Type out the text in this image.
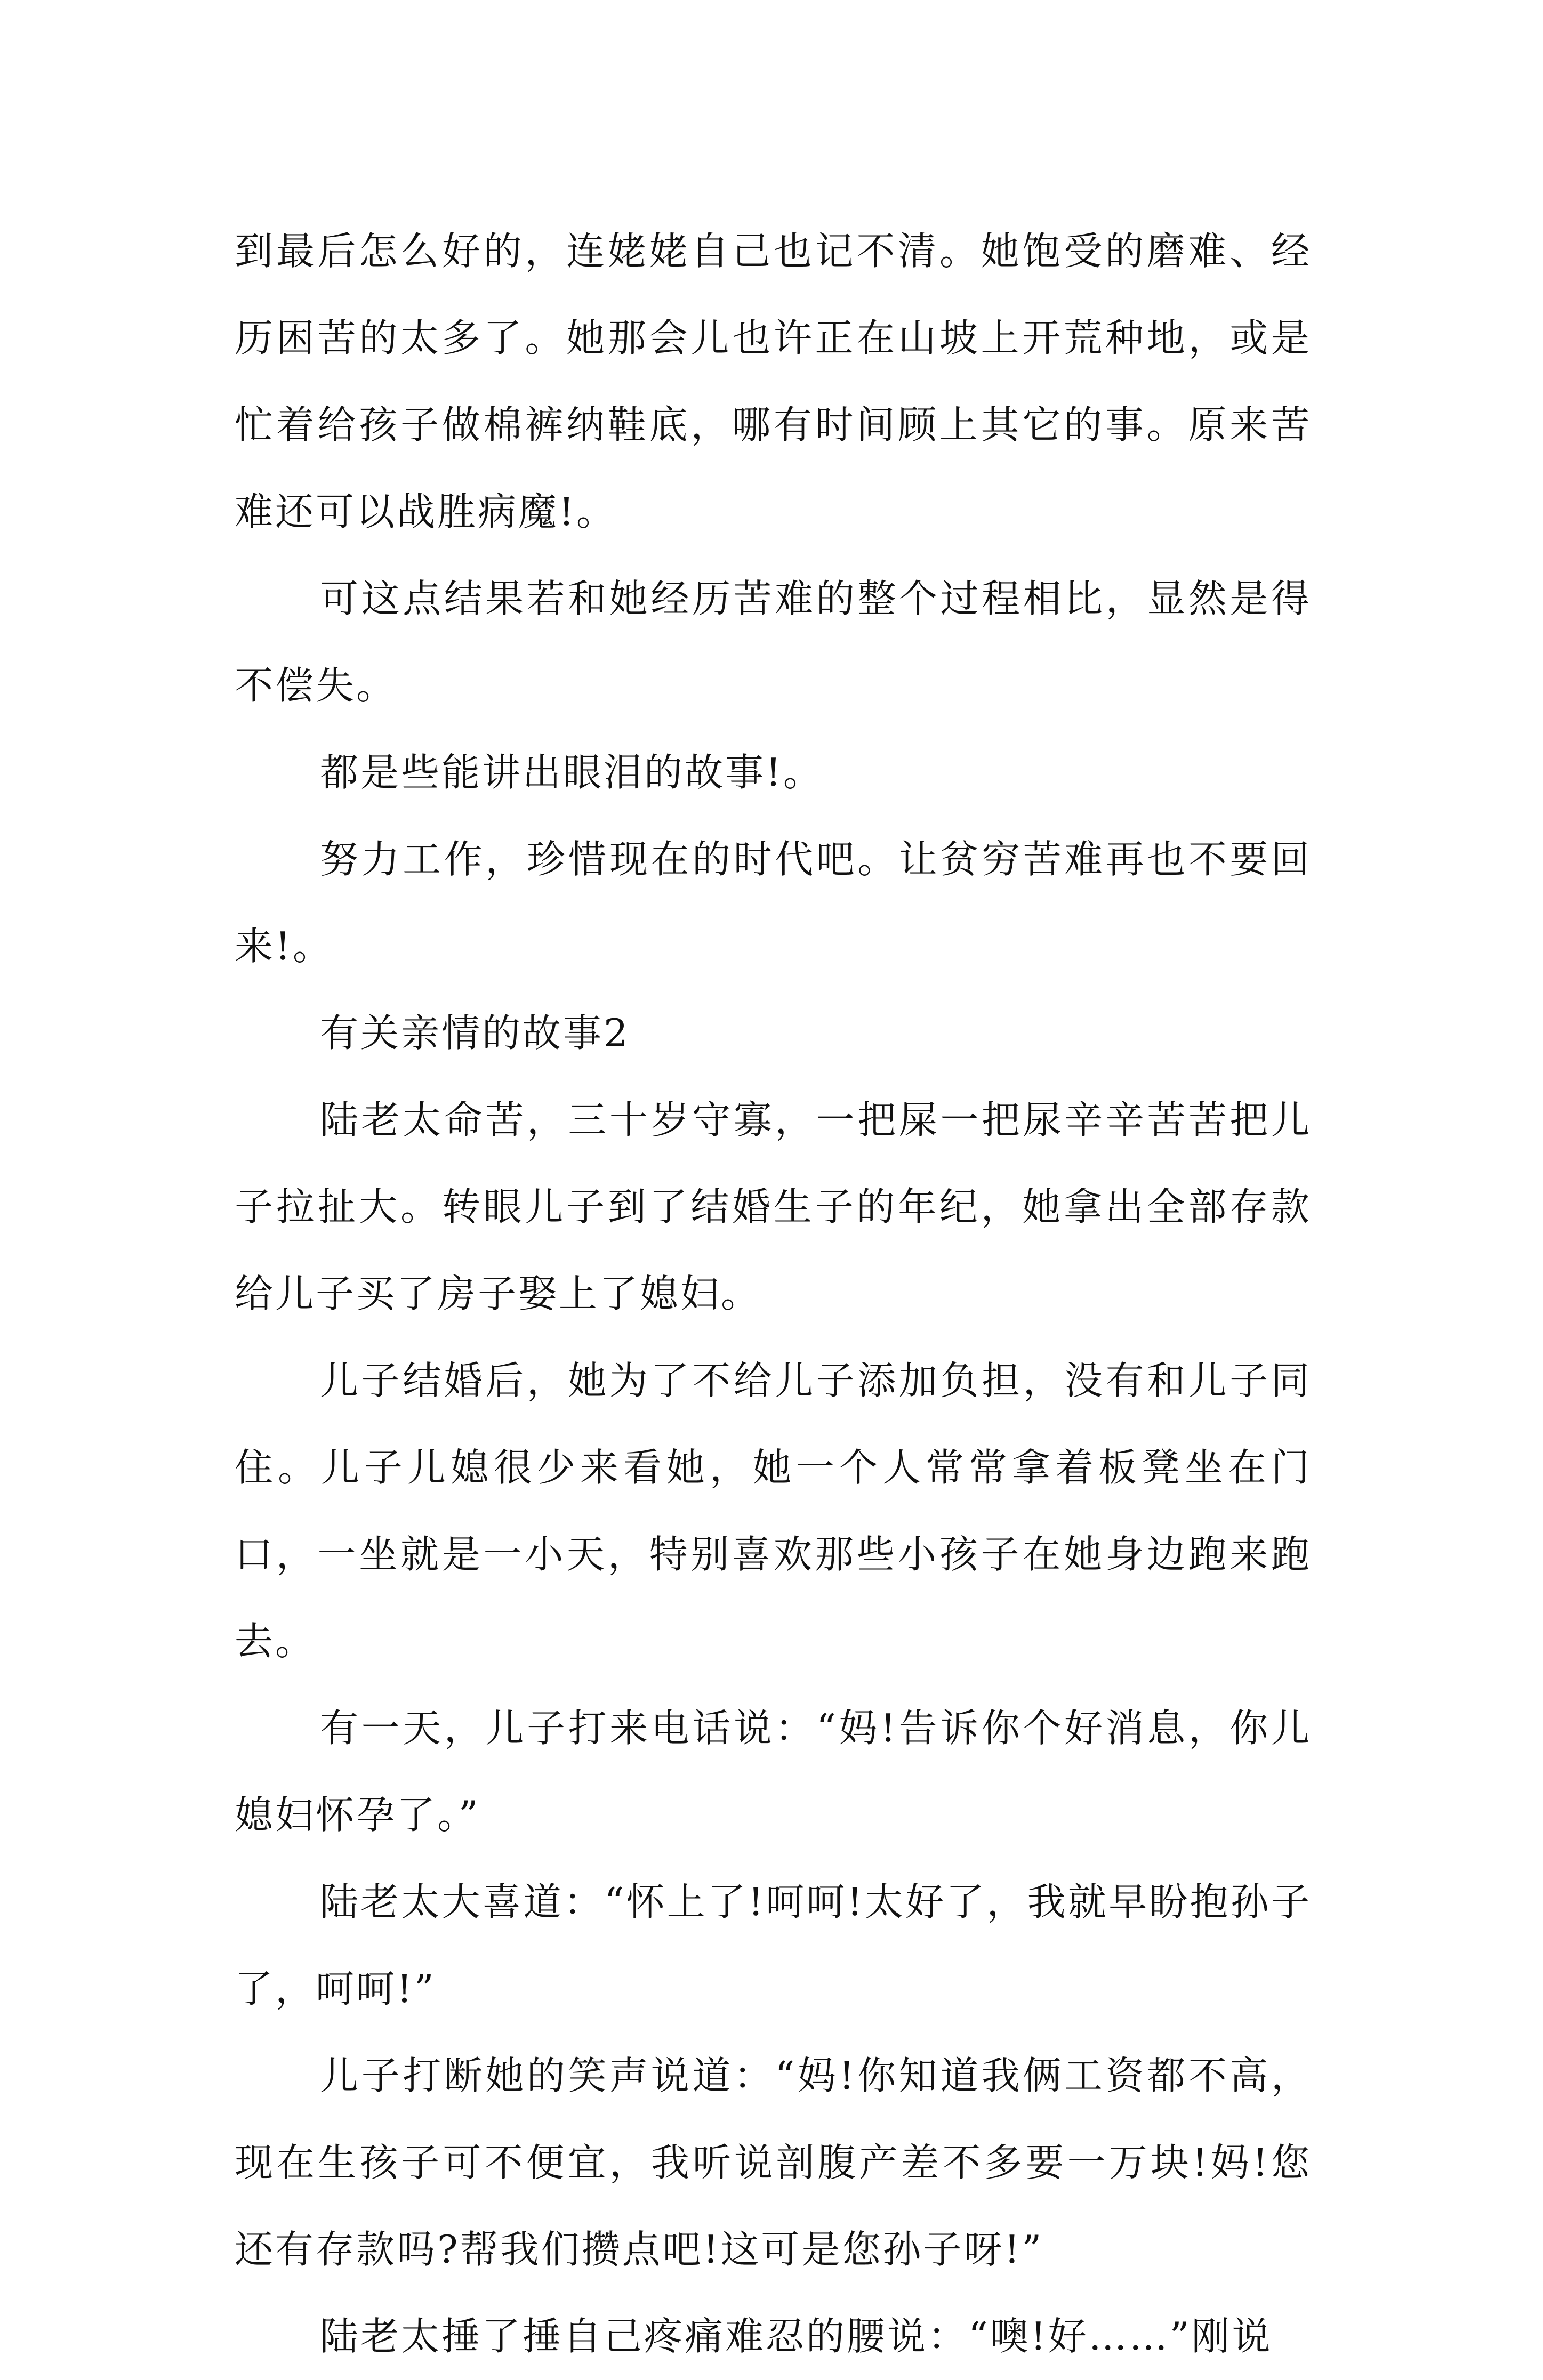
到最后怎么好的，连姥姥自己也记不清。她饱受的磨难、经历困苦的太多了。她那会儿也许正在山坡上开荒种地，或是忙着给孩子做棉裤纳鞋底，哪有时间顾上其它的事。原来苦难还可以战胜病魔!。

可这点结果若和她经历苦难的整个过程相比，显然是得不偿失。

都是些能讲出眼泪的故事!。

努力工作，珍惜现在的时代吧。让贫穷苦难再也不要回来!。

有关亲情的故事2

陆老太命苦，三十岁守寡，一把屎一把尿辛辛苦苦把儿子拉扯大。转眼儿子到了结婚生子的年纪，她拿出全部存款给儿子买了房子娶上了媳妇。

儿子结婚后，她为了不给儿子添加负担，没有和儿子同住。儿子儿媳很少来看她，她一个人常常拿着板凳坐在门口，一坐就是一小天，特别喜欢那些小孩子在她身边跑来跑去。

有一天，儿子打来电话说：“妈!告诉你个好消息，你儿媳妇怀孕了。”

陆老太大喜道：“怀上了!呵呵!太好了，我就早盼抱孙子了，呵呵!”

儿子打断她的笑声说道：“妈!你知道我俩工资都不高，现在生孩子可不便宜，我听说剖腹产差不多要一万块!妈!您还有存款吗?帮我们攒点吧!这可是您孙子呀!”

陆老太捶了捶自己疼痛难忍的腰说：“噢!好……”刚说
